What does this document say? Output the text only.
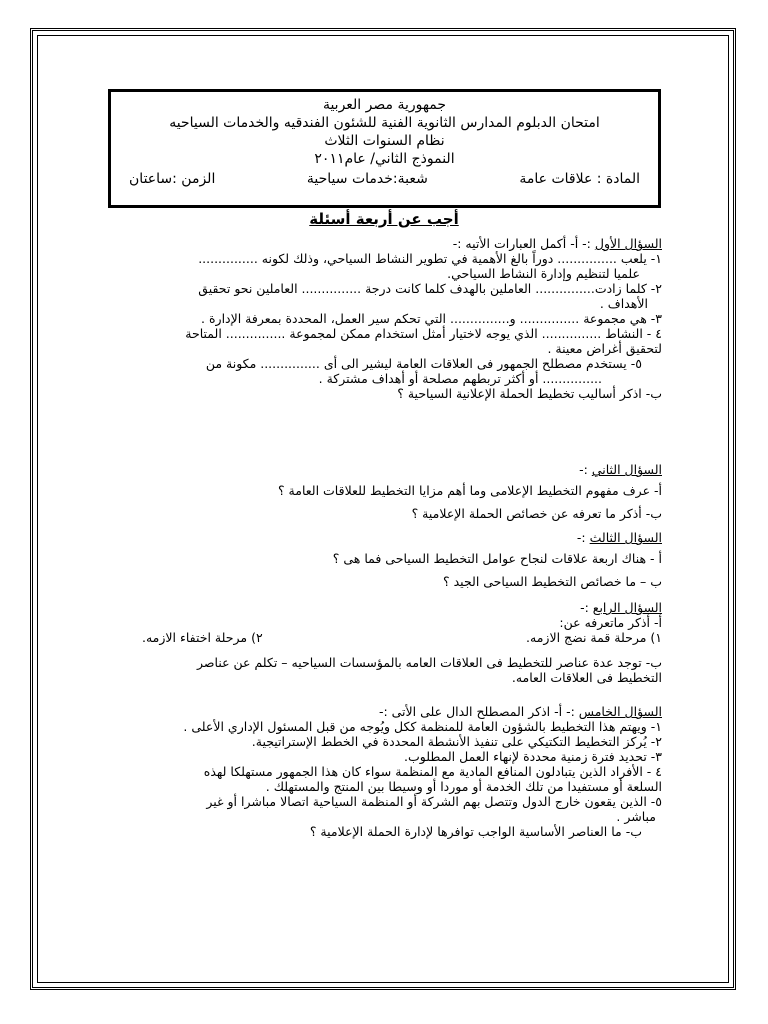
جمهورية مصر العربية
امتحان الدبلوم المدارس الثانوية الفنية للشئون الفندقيه والخدمات السياحيه
نظام السنوات الثلاث
النموذج الثاني/ عام٢٠١١
المادة : علاقات عامة
شعبة:خدمات سياحية
الزمن :ساعتان
أجب عن أربعة أسئلة
السؤال الأول :- أ- أكمل العبارات الأتيه :-
١- يلعب ............... دوراً بالغ الأهمية في تطوير النشاط السياحي، وذلك لكونه ...............
علميا لتنظيم وإدارة النشاط السياحي.
٢- كلما زادت............... العاملين بالهدف كلما كانت درجة ............... العاملين نحو تحقيق
الأهداف .
٣- هي مجموعة ............... و............... التي تحكم سير العمل، المحددة بمعرفة الإدارة .
٤ - النشاط ............... الذي يوجه لاختيار أمثل استخدام ممكن لمجموعة ............... المتاحة
لتحقيق أغراض معينة .
٥- يستخدم مصطلح الجمهور فى العلاقات العامة ليشير الى أى ............... مكونة من
............... أو أكثر تربطهم مصلحة أو أهداف مشتركة .
ب- اذكر أساليب تخطيط الحملة الإعلانية السياحية ؟
السؤال الثاني :-
أ- عرف مفهوم التخطيط الإعلامى وما أهم مزايا التخطيط للعلاقات العامة ؟
ب- أذكر ما تعرفه عن خصائص الحملة الإعلامية ؟
السؤال الثالث :-
أ - هناك اربعة علاقات لنجاح عوامل التخطيط السياحى فما هى ؟
ب – ما خصائص التخطيط السياحى الجيد ؟
السؤال الرابع :-
أ- أذكر ماتعرفه عن:
١) مرحلة قمة نضج الازمه.
٢) مرحلة اختفاء الازمه.
ب- توجد عدة عناصر للتخطيط فى العلاقات العامه بالمؤسسات السياحيه – تكلم عن عناصر
التخطيط فى العلاقات العامه.
السؤال الخامس :- أ- اذكر المصطلح الدال على الأتى :-
١- ويهتم هذا التخطيط بالشؤون العامة للمنظمة ككل ويُوجه من قبل المسئول الإداري الأعلى .
٢- يُركز التخطيط التكتيكي على تنفيذ الأنشطة المحددة في الخطط الإستراتيجية.
٣- تحديد فترة زمنية محددة لإنهاء العمل المطلوب.
٤ - الأفراد الذين يتبادلون المنافع المادية مع المنظمة سواء كان هذا الجمهور مستهلكا لهذه
السلعة أو مستفيدا من تلك الخدمة أو موردا أو وسيطا بين المنتج والمستهلك .
٥- الذين يقعون خارج الدول وتتصل بهم الشركة أو المنظمة السياحية اتصالا مباشرا أو غير
مباشر .
ب- ما العناصر الأساسية الواجب توافرها لإدارة الحملة الإعلامية ؟
